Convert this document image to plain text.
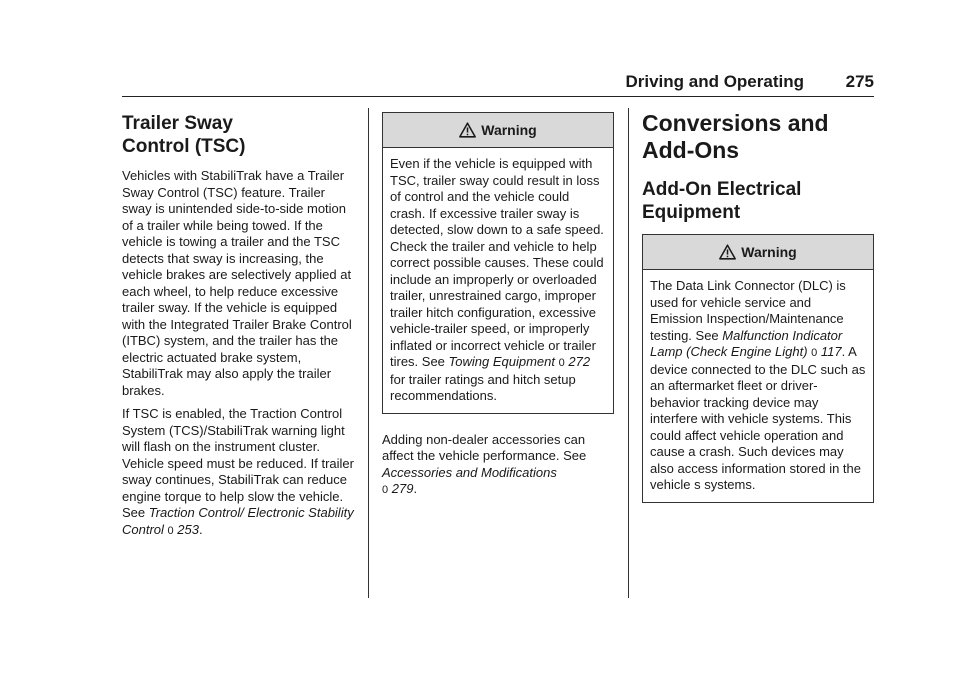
Driving and Operating 275
Trailer Sway
Control (TSC)

Vehicles with StabiliTrak have a Trailer Sway Control (TSC) feature. Trailer sway is unintended side-to-side motion of a trailer while being towed. If the vehicle is towing a trailer and the TSC detects that sway is increasing, the vehicle brakes are selectively applied at each wheel, to help reduce excessive trailer sway. If the vehicle is equipped with the Integrated Trailer Brake Control (ITBC) system, and the trailer has the electric actuated brake system, StabiliTrak may also apply the trailer brakes.

If TSC is enabled, the Traction Control System (TCS)/StabiliTrak warning light will flash on the instrument cluster. Vehicle speed must be reduced. If trailer sway continues, StabiliTrak can reduce engine torque to help slow the vehicle. See Traction Control/ Electronic Stability Control 0 253.

Warning

Even if the vehicle is equipped with TSC, trailer sway could result in loss of control and the vehicle could crash. If excessive trailer sway is detected, slow down to a safe speed. Check the trailer and vehicle to help correct possible causes. These could include an improperly or overloaded trailer, unrestrained cargo, improper trailer hitch configuration, excessive vehicle-trailer speed, or improperly inflated or incorrect vehicle or trailer tires. See Towing Equipment 0 272 for trailer ratings and hitch setup recommendations.

Adding non-dealer accessories can affect the vehicle performance. See Accessories and Modifications
0 279.

Conversions and
Add-Ons
Add-On Electrical
Equipment
Warning

The Data Link Connector (DLC) is used for vehicle service and Emission Inspection/Maintenance testing. See Malfunction Indicator Lamp (Check Engine Light) 0 117. A device connected to the DLC such as an aftermarket fleet or driver-behavior tracking device may interfere with vehicle systems. This could affect vehicle operation and cause a crash. Such devices may also access information stored in the vehicle s systems.
